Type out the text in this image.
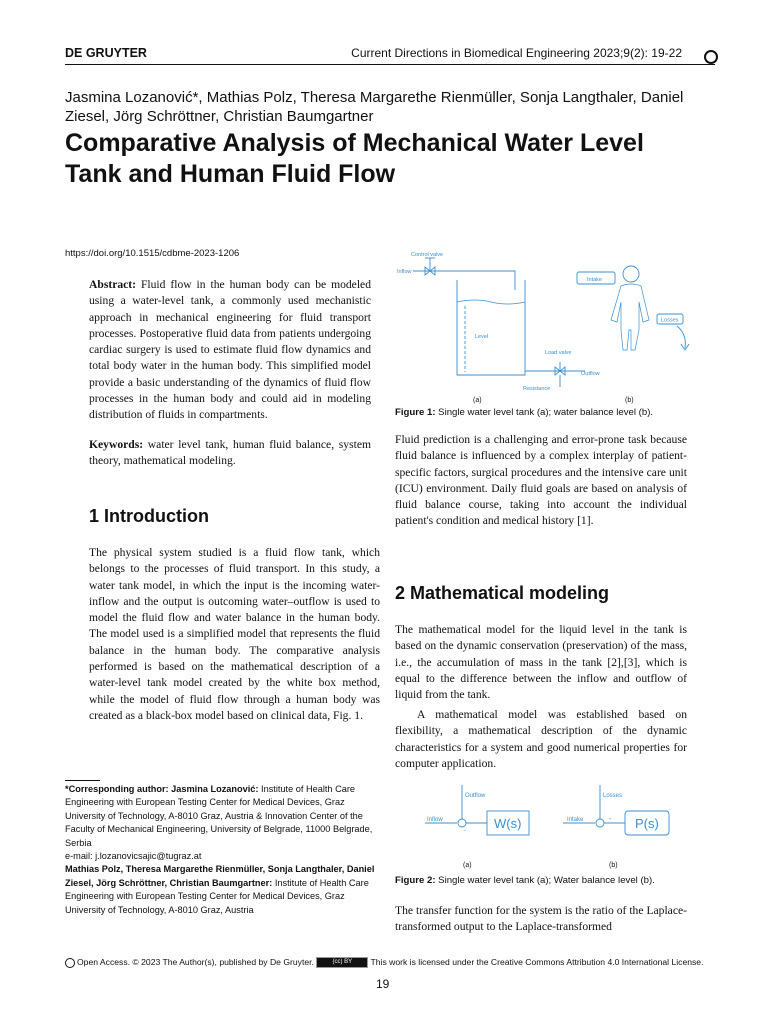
DE GRUYTER	Current Directions in Biomedical Engineering 2023;9(2): 19-22
Jasmina Lozanović*, Mathias Polz, Theresa Margarethe Rienmüller, Sonja Langthaler, Daniel Ziesel, Jörg Schröttner, Christian Baumgartner
Comparative Analysis of Mechanical Water Level Tank and Human Fluid Flow
https://doi.org/10.1515/cdbme-2023-1206

Abstract: Fluid flow in the human body can be modeled using a water-level tank, a commonly used mechanistic approach in mechanical engineering for fluid transport processes. Postoperative fluid data from patients undergoing cardiac surgery is used to estimate fluid flow dynamics and total body water in the human body. This simplified model provide a basic understanding of the dynamics of fluid flow processes in the human body and could aid in modeling distribution of fluids in compartments.

Keywords: water level tank, human fluid balance, system theory, mathematical modeling.

1 Introduction

The physical system studied is a fluid flow tank, which belongs to the processes of fluid transport. In this study, a water tank model, in which the input is the incoming water-inflow and the output is outcoming water–outflow is used to model the fluid flow and water balance in the human body. The model used is a simplified model that represents the fluid balance in the human body. The comparative analysis performed is based on the mathematical description of a water-level tank model created by the white box method, while the model of fluid flow through a human body was created as a black-box model based on clinical data, Fig. 1.

*Corresponding author: Jasmina Lozanović: Institute of Health Care Engineering with European Testing Center for Medical Devices, Graz University of Technology, A-8010 Graz, Austria & Innovation Center of the Faculty of Mechanical Engineering, University of Belgrade, 11000 Belgrade, Serbia
e-mail: j.lozanovicsajic@tugraz.at
Mathias Polz, Theresa Margarethe Rienmüller, Sonja Langthaler, Daniel Ziesel, Jörg Schröttner, Christian Baumgartner: Institute of Health Care Engineering with European Testing Center for Medical Devices, Graz University of Technology, A-8010 Graz, Austria
Control valve
Inflow
Level
Load valve
Outflow
Resistance
Intake
Losses
(a)	(b)
Figure 1: Single water level tank (a); water balance level (b).

Fluid prediction is a challenging and error-prone task because fluid balance is influenced by a complex interplay of patient-specific factors, surgical procedures and the intensive care unit (ICU) environment. Daily fluid goals are based on analysis of fluid balance course, taking into account the individual patient's condition and medical history [1].

2 Mathematical modeling

The mathematical model for the liquid level in the tank is based on the dynamic conservation (preservation) of the mass, i.e., the accumulation of mass in the tank [2],[3], which is equal to the difference between the inflow and outflow of liquid from the tank.

A mathematical model was established based on flexibility, a mathematical description of the dynamic characteristics for a system and good numerical properties for computer application.

Inflow
Outflow
W(s)
-
Intake
Losses
P(s)
-
(a)	(b)
Figure 2: Single water level tank (a); Water balance level (b).

The transfer function for the system is the ratio of the Laplace-transformed output to the Laplace-transformed

Open Access. © 2023 The Author(s), published by De Gruyter.	(cc) BY This work is licensed under the Creative Commons Attribution 4.0 International License.
19
